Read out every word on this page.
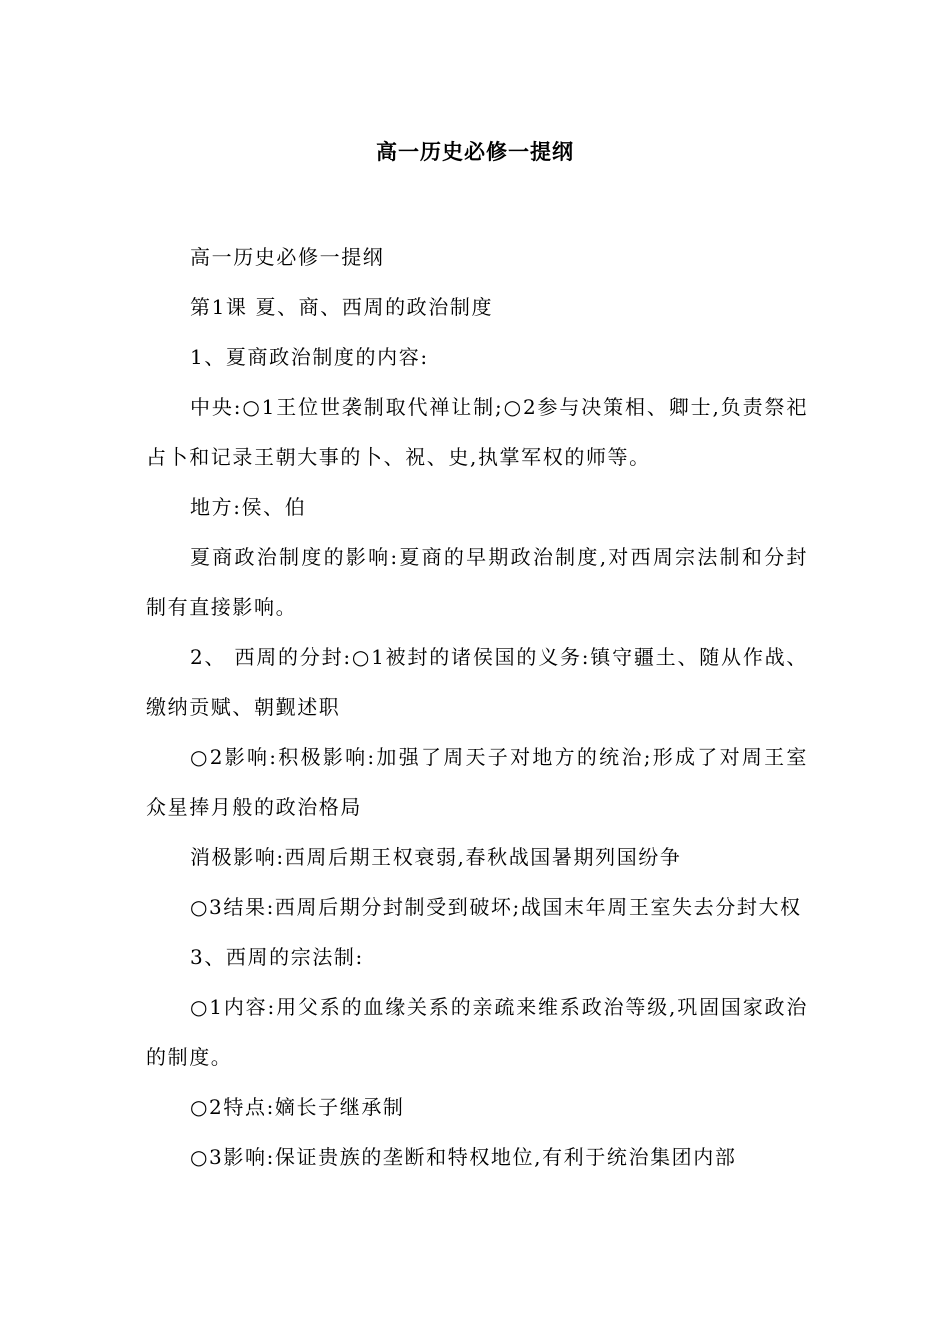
高一历史必修一提纲

高一历史必修一提纲

第1课 夏、商、西周的政治制度

1、夏商政治制度的内容:

中央:○1王位世袭制取代禅让制;○2参与决策相、卿士,负责祭祀占卜和记录王朝大事的卜、祝、史,执掌军权的师等。

地方:侯、伯

夏商政治制度的影响:夏商的早期政治制度,对西周宗法制和分封制有直接影响。

2、 西周的分封:○1被封的诸侯国的义务:镇守疆土、随从作战、缴纳贡赋、朝觐述职

○2影响:积极影响:加强了周天子对地方的统治;形成了对周王室众星捧月般的政治格局

消极影响:西周后期王权衰弱,春秋战国暑期列国纷争

○3结果:西周后期分封制受到破坏;战国末年周王室失去分封大权

3、西周的宗法制:

○1内容:用父系的血缘关系的亲疏来维系政治等级,巩固国家政治的制度。

○2特点:嫡长子继承制

○3影响:保证贵族的垄断和特权地位,有利于统治集团内部
